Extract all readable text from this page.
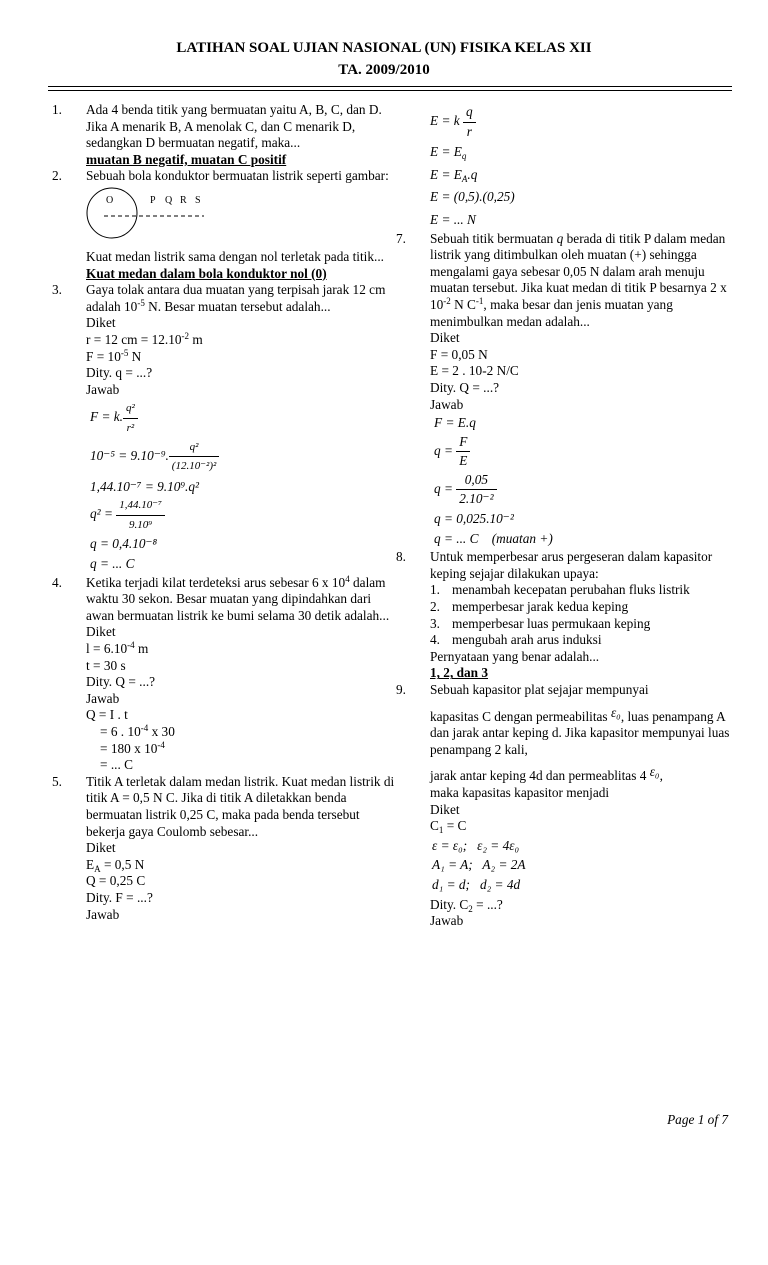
LATIHAN SOAL UJIAN NASIONAL (UN) FISIKA KELAS XII
TA. 2009/2010
1. Ada 4 benda titik yang bermuatan yaitu A, B, C, dan D. Jika A menarik B, A menolak C, dan C menarik D, sedangkan D bermuatan negatif, maka...
muatan B negatif, muatan C positif
2. Sebuah bola konduktor bermuatan listrik seperti gambar:
O	P Q R S
Kuat medan listrik sama dengan nol terletak pada titik...
Kuat medan dalam bola konduktor nol (0)
3. Gaya tolak antara dua muatan yang terpisah jarak 12 cm adalah $10^{-5}$ N. Besar muatan tersebut adalah...
Diket
r = 12 cm = $12.10^{-2}$ m
$F = 10^{-5}$ N
Dity. q = ...?
Jawab
F = k. $\frac{\text{q²}}{\text{r²}}$
10⁻⁵ = 9.10⁻⁹. $\frac{\text{q²}}{\text{(12.10⁻²)²}}$
1,44.10⁻⁷ = 9.10⁹.q²
$q^2 = \frac{\text{1,44.10⁻⁷}}{\text{9.10⁹}}$
q = 0,4.10⁻⁸
q = ... C
4. Ketika terjadi kilat terdeteksi arus sebesar 6 x $10^4$ dalam waktu 30 sekon. Besar muatan yang dipindahkan dari awan bermuatan listrik ke bumi selama 30 detik adalah...
Diket
$l = 6.10^{-4}$ m
t = 30 s
Dity. Q = ...?
Jawab
Q = I . t
= 6 . $10^{-4}$ x 30
= 180 x $10^{-4}$
= ... C
5. Titik A terletak dalam medan listrik. Kuat medan listrik di titik A = 0,5 N C. Jika di titik A diletakkan benda bermuatan listrik 0,25 C, maka pada benda tersebut bekerja gaya Coulomb sebesar...
Diket
$E_A = 0,5$ N
Q = 0,25 C
Dity. F = ...?
Jawab
E = k $\frac{q}{r}$
$E = E_q$
$E = E_A.q$
E = (0,5).(0,25)
E = ... N
7. Sebuah titik bermuatan q berada di titik P dalam medan listrik yang ditimbulkan oleh muatan (+) sehingga mengalami gaya sebesar 0,05 N dalam arah menuju muatan tersebut. Jika kuat medan di titik P besarnya 2 x $10^{-2}$ N $C^{-1}$, maka besar dan jenis muatan yang menimbulkan medan adalah...
Diket
F = 0,05 N
E = 2 . 10-2 N/C
Dity. Q = ...?
Jawab
F = E.q
$q = \frac{F}{E}$
$q = \frac{0,05}{\text{2.10⁻²}}$
q = 0,025.10⁻²
q = ... C    (muatan +)
8. Untuk memperbesar arus pergeseran dalam kapasitor keping sejajar dilakukan upaya:
1. menambah kecepatan perubahan fluks listrik
2. memperbesar jarak kedua keping
3. memperbesar luas permukaan keping
4. mengubah arah arus induksi
Pernyataan yang benar adalah...
1, 2, dan 3
9. Sebuah kapasitor plat sejajar mempunyai
kapasitas C dengan permeabilitas ε₀, luas penampang A dan jarak antar keping d. Jika kapasitor mempunyai luas penampang 2 kali,
jarak antar keping 4d dan permeablitas 4 ε₀,
maka kapasitas kapasitor menjadi
Diket
$C_1 = C$
ε = ε₀;   ε₂ = 4ε₀
A₁ = A;   A₂ = 2A
d₁ = d;   d₂ = 4d
Dity. $C_2$ = ...?
Jawab
Page 1 of 7
